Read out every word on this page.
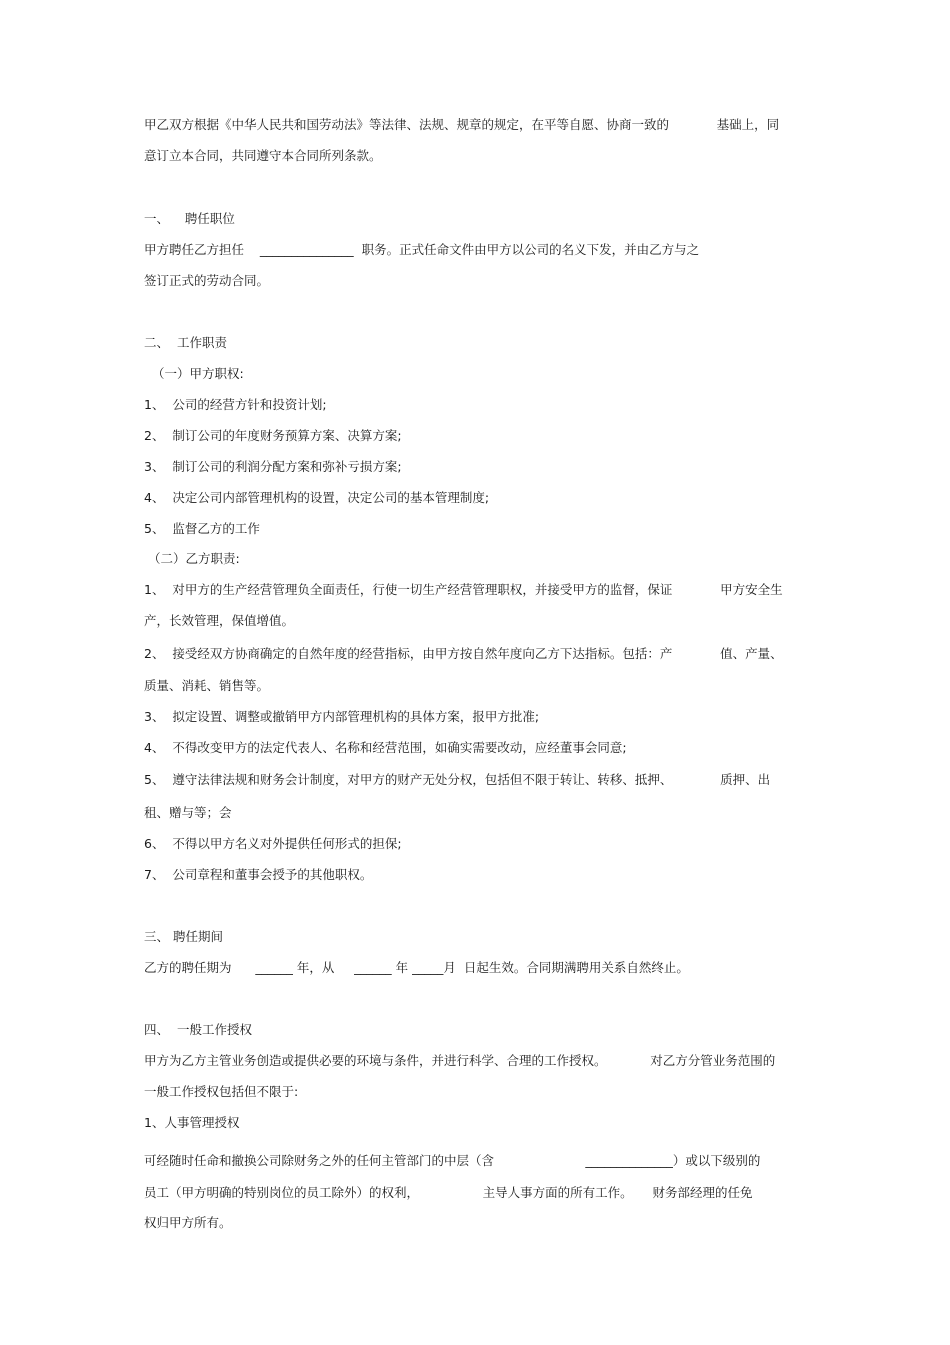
甲乙双方根据《中华人民共和国劳动法》等法律、法规、规章的规定，在平等自愿、协商一致的            基础上，同
意订立本合同，共同遵守本合同所列条款。
一、    聘任职位
甲方聘任乙方担任    _______________  职务。正式任命文件由甲方以公司的名义下发，并由乙方与之
签订正式的劳动合同。
二、  工作职责
（一）甲方职权:
1、  公司的经营方针和投资计划;
2、  制订公司的年度财务预算方案、决算方案;
3、  制订公司的利润分配方案和弥补亏损方案;
4、  决定公司内部管理机构的设置，决定公司的基本管理制度;
5、  监督乙方的工作
（二）乙方职责:
1、  对甲方的生产经营管理负全面责任，行使一切生产经营管理职权，并接受甲方的监督，保证            甲方安全生
产，长效管理，保值增值。
2、  接受经双方协商确定的自然年度的经营指标，由甲方按自然年度向乙方下达指标。包括：产            值、产量、
质量、消耗、销售等。
3、  拟定设置、调整或撤销甲方内部管理机构的具体方案，报甲方批准;
4、  不得改变甲方的法定代表人、名称和经营范围，如确实需要改动，应经董事会同意;
5、  遵守法律法规和财务会计制度，对甲方的财产无处分权，包括但不限于转让、转移、抵押、            质押、出
租、赠与等；会
6、  不得以甲方名义对外提供任何形式的担保;
7、  公司章程和董事会授予的其他职权。
三、 聘任期间
乙方的聘任期为      ______ 年，从     ______ 年 _____月  日起生效。合同期满聘用关系自然终止。
四、  一般工作授权
甲方为乙方主管业务创造或提供必要的环境与条件，并进行科学、合理的工作授权。           对乙方分管业务范围的
一般工作授权包括但不限于:
1、人事管理授权
可经随时任命和撤换公司除财务之外的任何主管部门的中层（含                       ______________）或以下级别的
员工（甲方明确的特别岗位的员工除外）的权利，                主导人事方面的所有工作。     财务部经理的任免
权归甲方所有。
